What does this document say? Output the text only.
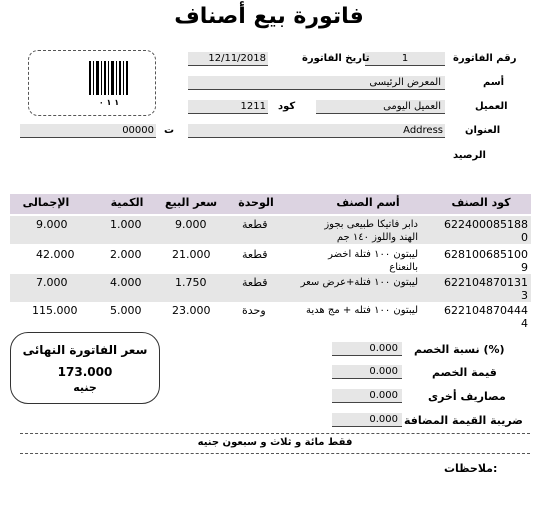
فاتورة بيع أصناف
١ ١ ٠
رقم الفاتورة
1
تاريخ الفاتورة
12/11/2018
أسم
المعرض الرئيسى
العميل
العميل اليومى
كود
1211
العنوان
Address
ت
00000
الرصيد
كود الصنف
أسم الصنف
الوحدة
سعر البيع
الكمية
الإجمالى
622400085188
0
دابر فاتيكا طبيعى بجوز
الهند واللوز ١٤٠ جم
قطعة
9.000
1.000
9.000
628100685100
9
ليبتون ١٠٠ فتلة اخضر
بالنعناع
قطعة
21.000
2.000
42.000
622104870131
3
ليبتون ١٠٠ فتلة+عرض سعر
قطعة
1.750
4.000
7.000
622104870444
4
ليبتون ١٠٠ فتله + مج هدية
وحدة
23.000
5.000
115.000
سعر الفاتورة النهائى
173.000
جنيه
نسبة الخصم (%)
0.000
قيمة الخصم
0.000
مصاريف أخرى
0.000
ضريبة القيمة المضافة
0.000
فقط مائة و ثلاث و سبعون جنيه
ملاحظات:
